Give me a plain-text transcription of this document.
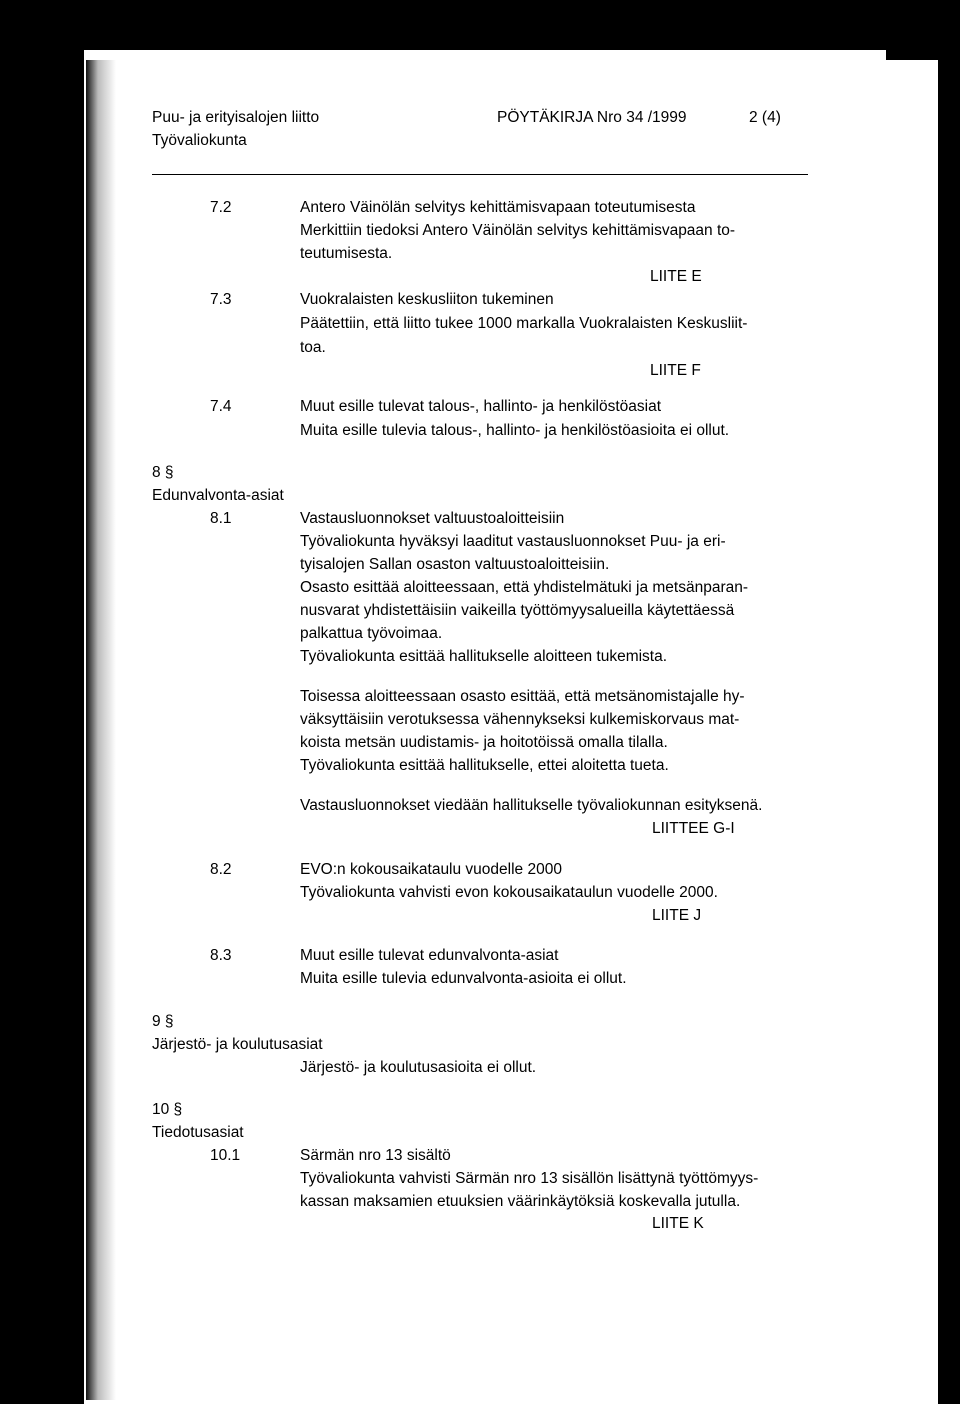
Puu- ja erityisalojen liitto
Työvaliokunta
PÖYTÄKIRJA Nro 34 /1999	2 (4)
7.2	Antero Väinölän selvitys kehittämisvapaan toteutumisesta
Merkittiin tiedoksi Antero Väinölän selvitys kehittämisvapaan to-
teutumisesta.
LIITE E
7.3	Vuokralaisten keskusliiton tukeminen
Päätettiin, että liitto tukee 1000 markalla Vuokralaisten Keskusliit-
toa.
LIITE F
7.4	Muut esille tulevat talous-, hallinto- ja henkilöstöasiat
Muita esille tulevia talous-, hallinto- ja henkilöstöasioita ei ollut.
8 §
Edunvalvonta-asiat
8.1	Vastausluonnokset valtuustoaloitteisiin
Työvaliokunta hyväksyi laaditut vastausluonnokset Puu- ja eri-
tyisalojen Sallan osaston valtuustoaloitteisiin.
Osasto esittää aloitteessaan, että yhdistelmätuki ja metsänparan-
nusvarat yhdistettäisiin vaikeilla työttömyysalueilla käytettäessä
palkattua työvoimaa.
Työvaliokunta esittää hallitukselle aloitteen tukemista.
Toisessa aloitteessaan osasto esittää, että metsänomistajalle hy-
väksyttäisiin verotuksessa vähennykseksi kulkemiskorvaus mat-
koista metsän uudistamis- ja hoitotöissä omalla tilalla.
Työvaliokunta esittää hallitukselle, ettei aloitetta tueta.
Vastausluonnokset viedään hallitukselle työvaliokunnan esityksenä.
LIITTEE G-I
8.2	EVO:n kokousaikataulu vuodelle 2000
Työvaliokunta vahvisti evon kokousaikataulun vuodelle 2000.
LIITE J
8.3	Muut esille tulevat edunvalvonta-asiat
Muita esille tulevia edunvalvonta-asioita ei ollut.
9 §
Järjestö- ja koulutusasiat
Järjestö- ja koulutusasioita ei ollut.
10 §
Tiedotusasiat
10.1	Särmän nro 13 sisältö
Työvaliokunta vahvisti Särmän nro 13 sisällön lisättynä työttömyys-
kassan maksamien etuuksien väärinkäytöksiä koskevalla jutulla.
LIITE K
